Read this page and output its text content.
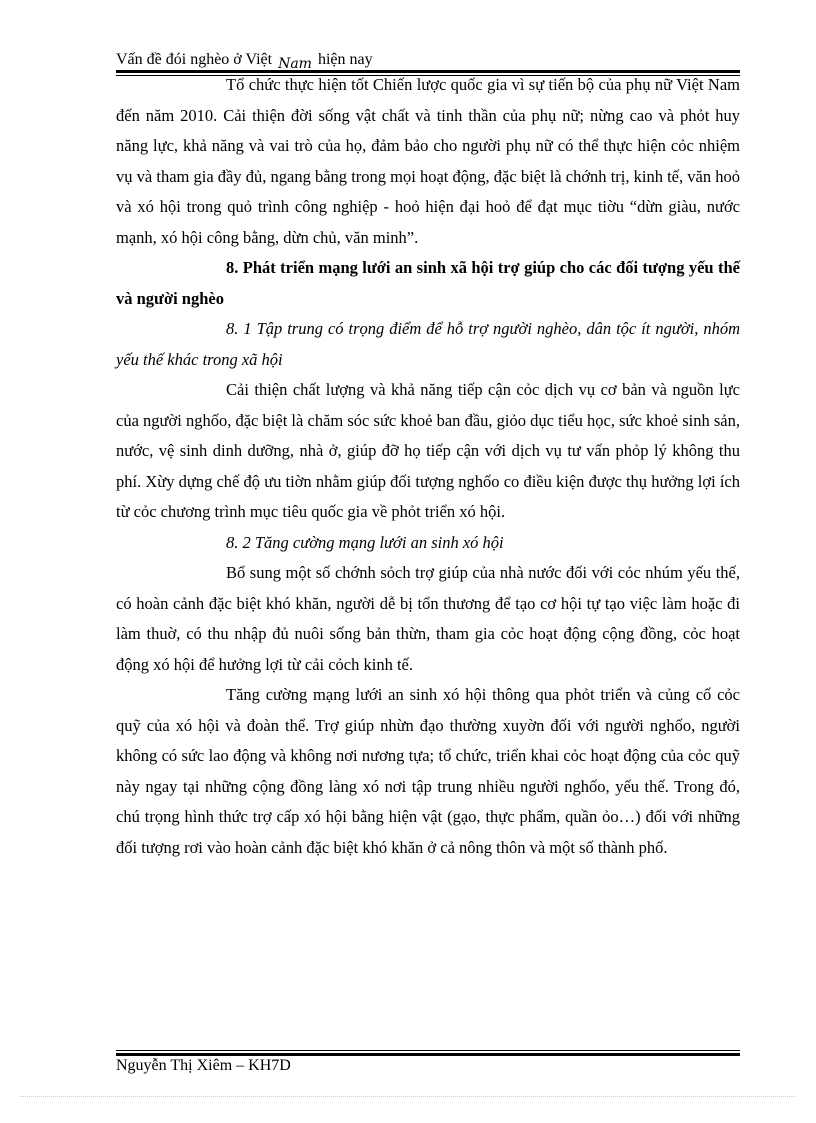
Vấn đề đói nghèo ở Việt Nam hiện nay

Tổ chức thực hiện tốt Chiến lược quốc gia vì sự tiến bộ của phụ nữ Việt Nam đến năm 2010. Cải thiện đời sống vật chất và tinh thần của phụ nữ; nừng cao và phỏt huy năng lực, khả năng và vai trò của họ, đảm bảo cho người phụ nữ có thể thực hiện cỏc nhiệm vụ và tham gia đầy đủ, ngang bằng trong mọi hoạt động, đặc biệt là chớnh trị, kinh tế, văn hoỏ và xó hội trong quỏ trình công nghiệp - hoỏ hiện đại hoỏ để đạt mục tiờu “dừn giàu, nước mạnh, xó hội công bằng, dừn chủ, văn minh”.

8. Phát triển mạng lưới an sinh xã hội trợ giúp cho các đối tượng yếu thế và người nghèo

8. 1 Tập trung có trọng điểm để hỗ trợ người nghèo, dân tộc ít người, nhóm yếu thế khác trong xã hội

Cải thiện chất lượng và khả năng tiếp cận cỏc dịch vụ cơ bản và nguồn lực của người nghốo, đặc biệt là chăm sóc sức khoẻ ban đầu, giỏo dục tiểu học, sức khoẻ sinh sản, nước, vệ sinh dinh dưỡng, nhà ở, giúp đỡ họ tiếp cận với dịch vụ tư vấn phỏp lý không thu phí. Xừy dựng chế độ ưu tiờn nhằm giúp đối tượng nghốo co điều kiện được thụ hưởng lợi ích từ cỏc chương trình mục tiêu quốc gia về phỏt triển xó hội.

8. 2 Tăng cường mạng lưới an sinh xó hội

Bổ sung một số chớnh sỏch trợ giúp của nhà nước đối với cỏc nhúm yếu thế, có hoàn cảnh đặc biệt khó khăn, người dễ bị tổn thương để tạo cơ hội tự tạo việc làm hoặc đi làm thuờ, có thu nhập đủ nuôi sống bản thừn, tham gia cỏc hoạt động cộng đồng, cỏc hoạt động xó hội để hưởng lợi từ cải cỏch kinh tế.

Tăng cường mạng lưới an sinh xó hội thông qua phỏt triển và củng cố cỏc quỹ của xó hội và đoàn thể. Trợ giúp nhừn đạo thường xuyờn đối với người nghốo, người không có sức lao động và không nơi nương tựa; tổ chức, triển khai cỏc hoạt động của cỏc quỹ này ngay tại những cộng đồng làng xó nơi tập trung nhiều người nghốo, yếu thế. Trong đó, chú trọng hình thức trợ cấp xó hội bằng hiện vật (gạo, thực phẩm, quần ỏo…) đối với những đối tượng rơi vào hoàn cảnh đặc biệt khó khăn ở cả nông thôn và một số thành phố.

Nguyễn Thị Xiêm – KH7D
